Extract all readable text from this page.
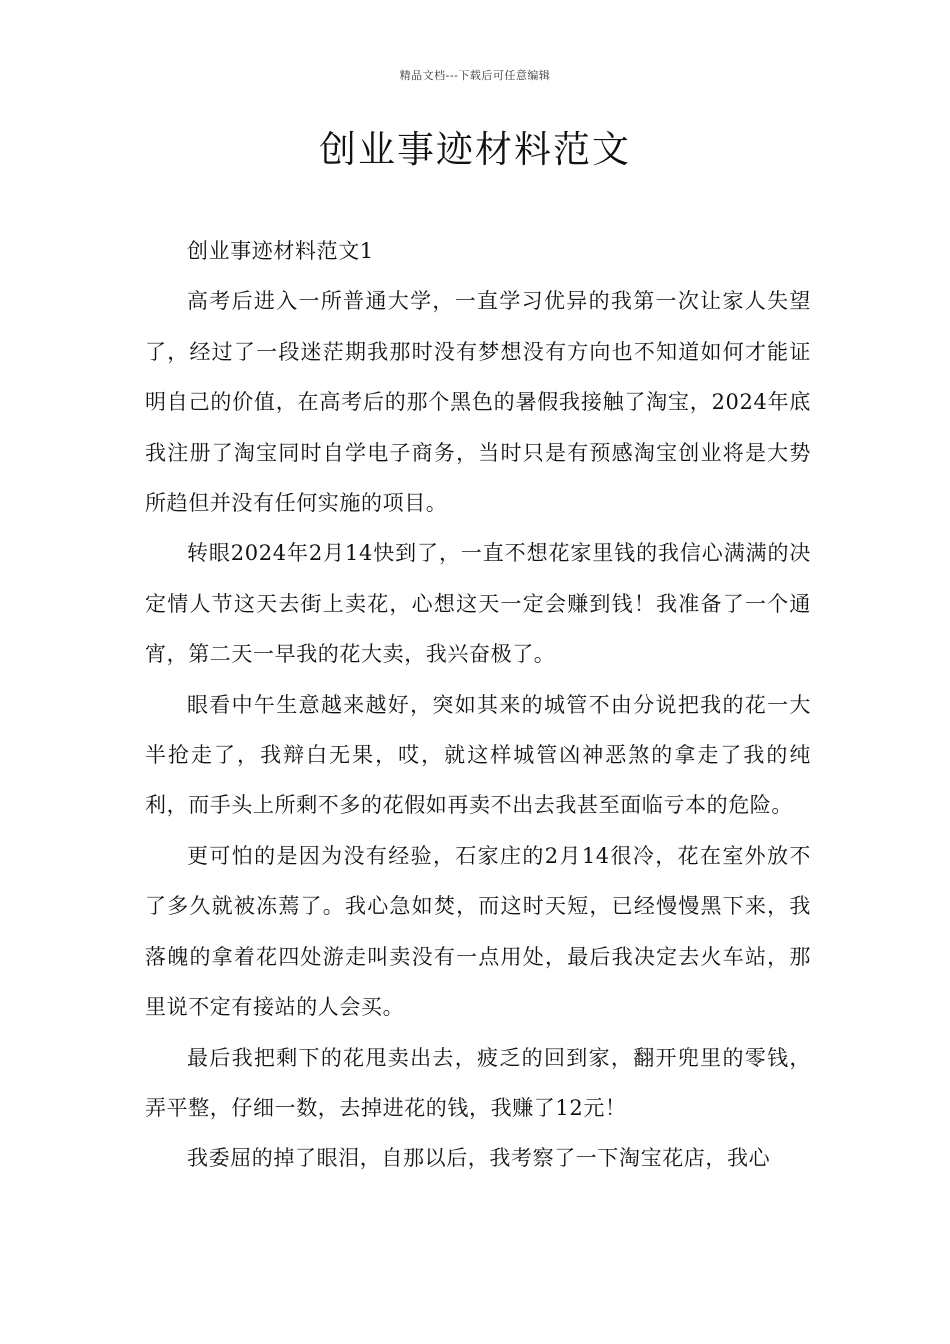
精品文档---下载后可任意编辑
创业事迹材料范文

创业事迹材料范文1

高考后进入一所普通大学，一直学习优异的我第一次让家人失望了，经过了一段迷茫期我那时没有梦想没有方向也不知道如何才能证明自己的价值，在高考后的那个黑色的暑假我接触了淘宝，2024年底我注册了淘宝同时自学电子商务，当时只是有预感淘宝创业将是大势所趋但并没有任何实施的项目。

转眼2024年2月14快到了，一直不想花家里钱的我信心满满的决定情人节这天去街上卖花，心想这天一定会赚到钱！我准备了一个通宵，第二天一早我的花大卖，我兴奋极了。

眼看中午生意越来越好，突如其来的城管不由分说把我的花一大半抢走了，我辩白无果，哎，就这样城管凶神恶煞的拿走了我的纯利，而手头上所剩不多的花假如再卖不出去我甚至面临亏本的危险。

更可怕的是因为没有经验，石家庄的2月14很冷，花在室外放不了多久就被冻蔫了。我心急如焚，而这时天短，已经慢慢黑下来，我落魄的拿着花四处游走叫卖没有一点用处，最后我决定去火车站，那里说不定有接站的人会买。

最后我把剩下的花甩卖出去，疲乏的回到家，翻开兜里的零钱，弄平整，仔细一数，去掉进花的钱，我赚了12元！

我委屈的掉了眼泪，自那以后，我考察了一下淘宝花店，我心
